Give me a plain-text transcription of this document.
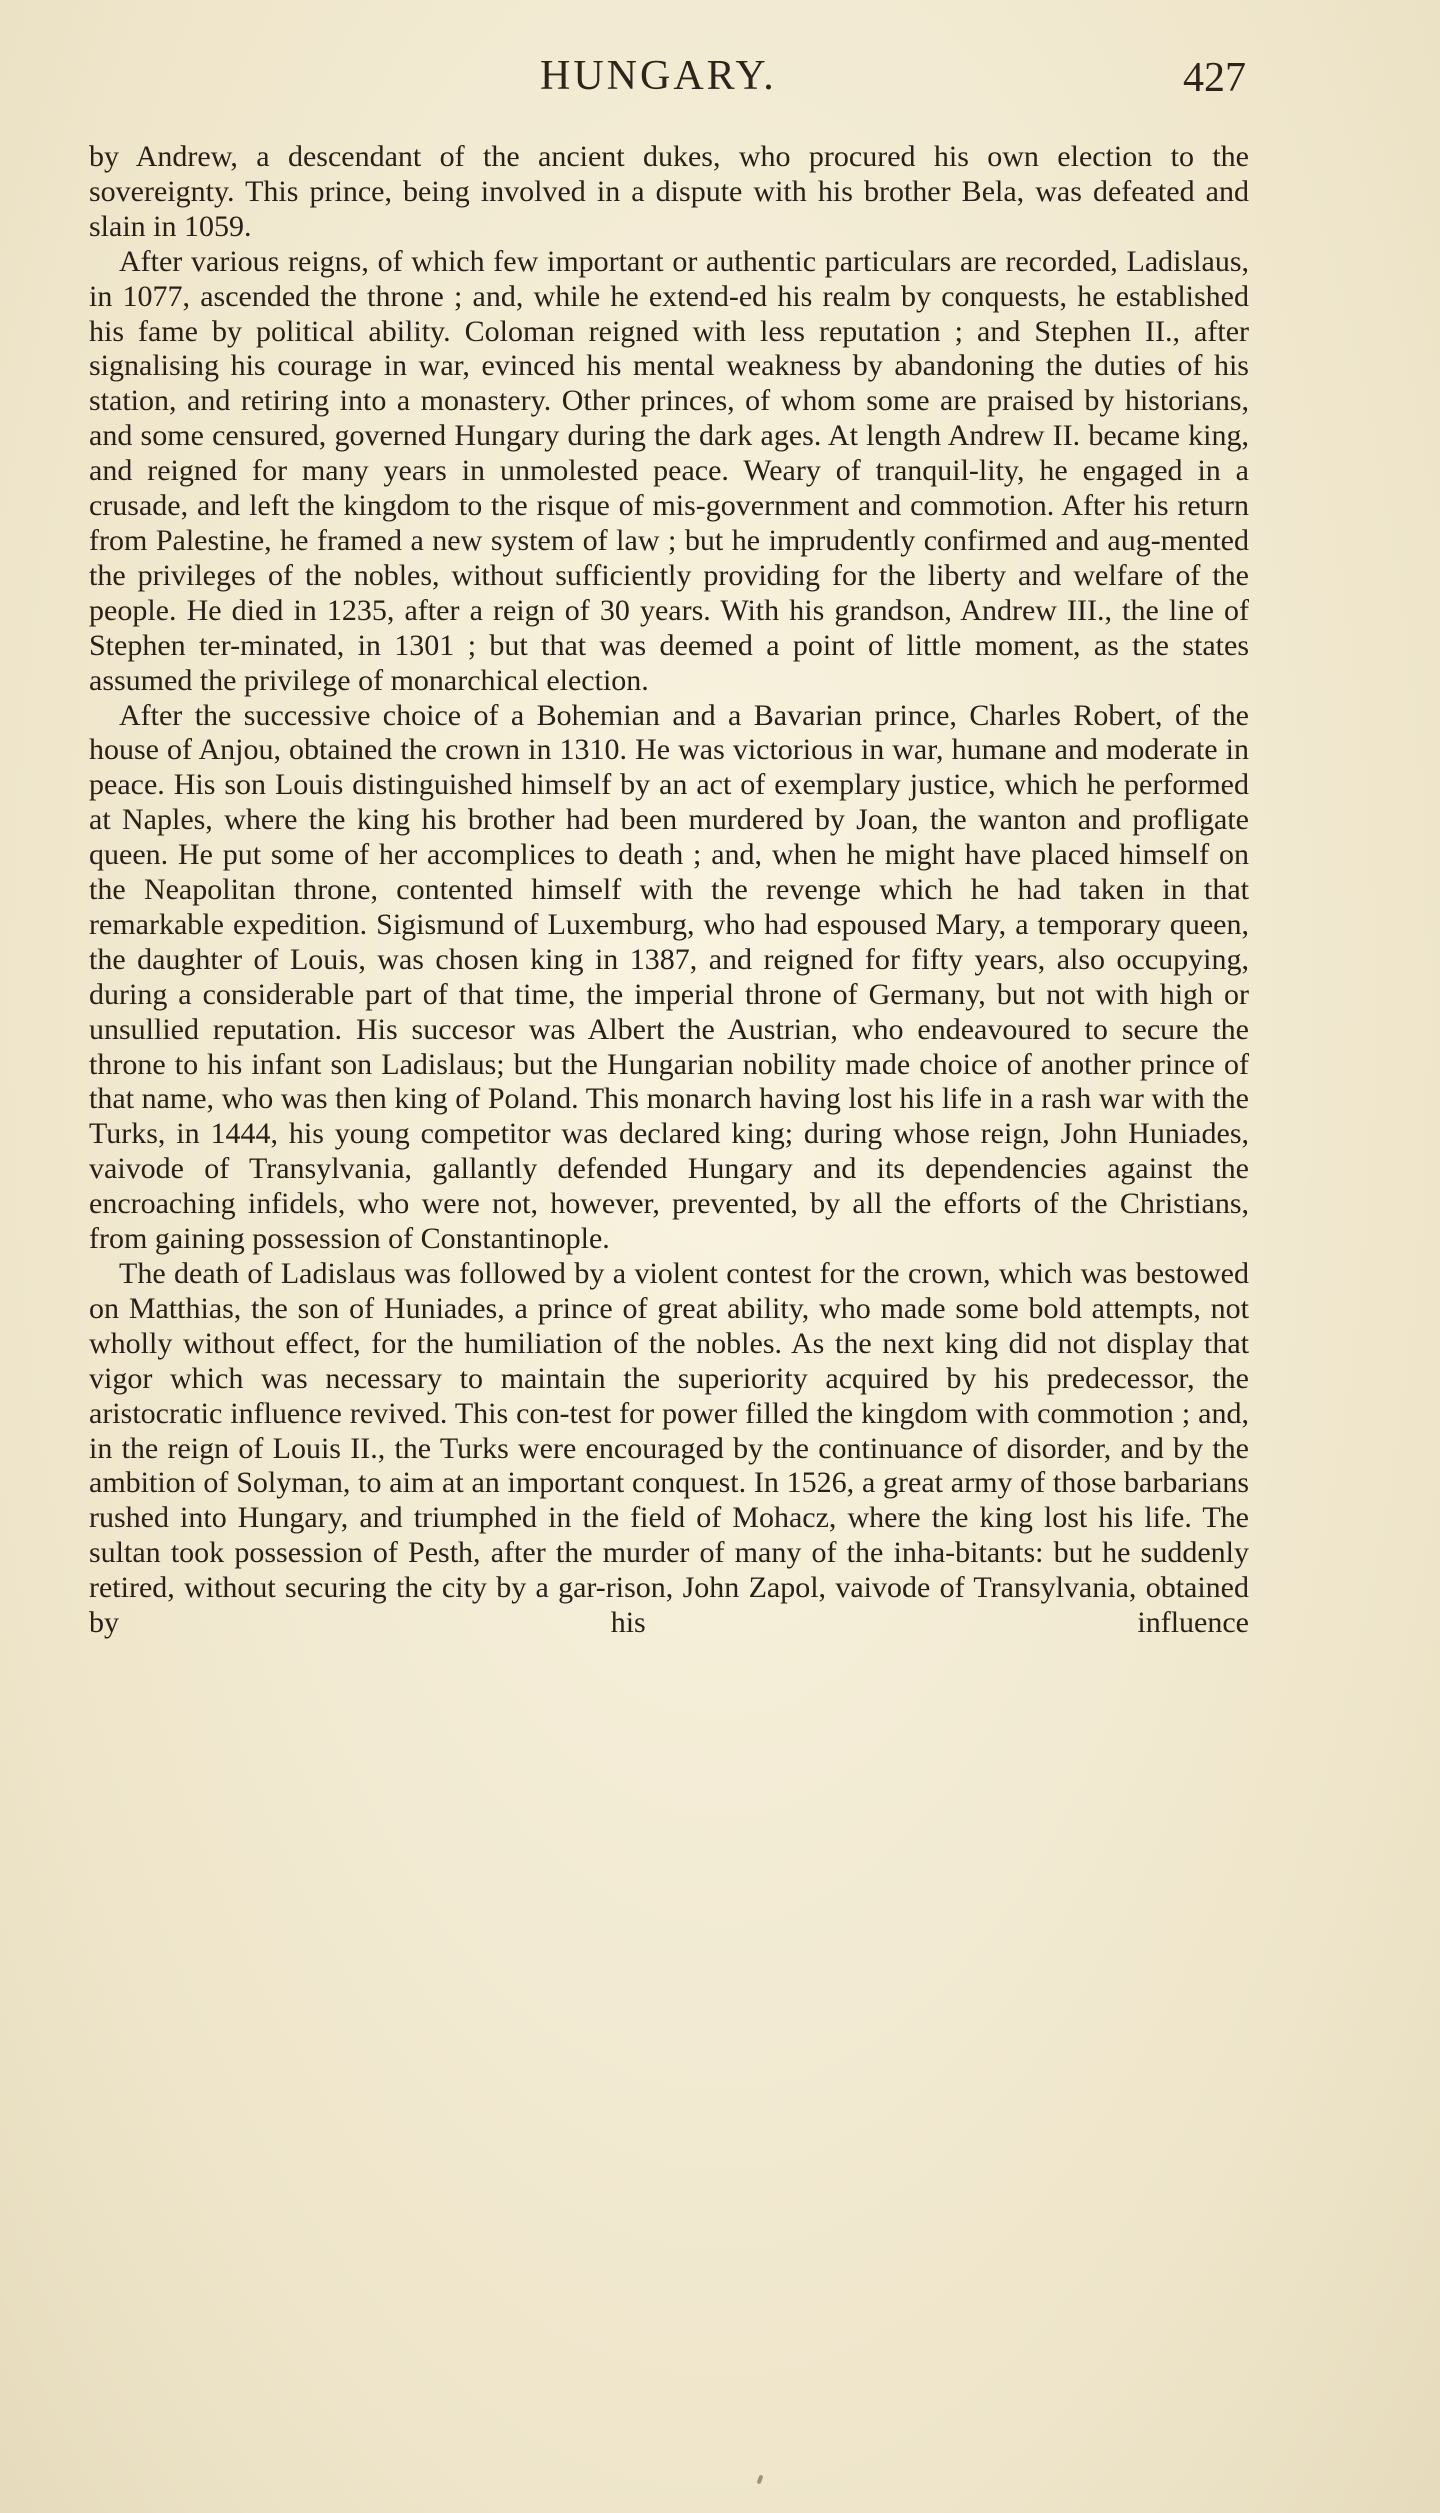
HUNGARY.	427

by Andrew, a descendant of the ancient dukes, who procured his own election to the sovereignty. This prince, being involved in a dispute with his brother Bela, was defeated and slain in 1059.

After various reigns, of which few important or authentic particulars are recorded, Ladislaus, in 1077, ascended the throne ; and, while he extend-ed his realm by conquests, he established his fame by political ability. Coloman reigned with less reputation ; and Stephen II., after signalising his courage in war, evinced his mental weakness by abandoning the duties of his station, and retiring into a monastery. Other princes, of whom some are praised by historians, and some censured, governed Hungary during the dark ages. At length Andrew II. became king, and reigned for many years in unmolested peace. Weary of tranquil-lity, he engaged in a crusade, and left the kingdom to the risque of mis-government and commotion. After his return from Palestine, he framed a new system of law ; but he imprudently confirmed and aug-mented the privileges of the nobles, without sufficiently providing for the liberty and welfare of the people. He died in 1235, after a reign of 30 years. With his grandson, Andrew III., the line of Stephen ter-minated, in 1301 ; but that was deemed a point of little moment, as the states assumed the privilege of monarchical election.

After the successive choice of a Bohemian and a Bavarian prince, Charles Robert, of the house of Anjou, obtained the crown in 1310. He was victorious in war, humane and moderate in peace. His son Louis distinguished himself by an act of exemplary justice, which he performed at Naples, where the king his brother had been murdered by Joan, the wanton and profligate queen. He put some of her accomplices to death ; and, when he might have placed himself on the Neapolitan throne, contented himself with the revenge which he had taken in that remarkable expedition. Sigismund of Luxemburg, who had espoused Mary, a temporary queen, the daughter of Louis, was chosen king in 1387, and reigned for fifty years, also occupying, during a considerable part of that time, the imperial throne of Germany, but not with high or unsullied reputation. His succesor was Albert the Austrian, who endeavoured to secure the throne to his infant son Ladislaus; but the Hungarian nobility made choice of another prince of that name, who was then king of Poland. This monarch having lost his life in a rash war with the Turks, in 1444, his young competitor was declared king; during whose reign, John Huniades, vaivode of Transylvania, gallantly defended Hungary and its dependencies against the encroaching infidels, who were not, however, prevented, by all the efforts of the Christians, from gaining possession of Constantinople.

The death of Ladislaus was followed by a violent contest for the crown, which was bestowed on Matthias, the son of Huniades, a prince of great ability, who made some bold attempts, not wholly without effect, for the humiliation of the nobles. As the next king did not display that vigor which was necessary to maintain the superiority acquired by his predecessor, the aristocratic influence revived. This con-test for power filled the kingdom with commotion ; and, in the reign of Louis II., the Turks were encouraged by the continuance of disorder, and by the ambition of Solyman, to aim at an important conquest. In 1526, a great army of those barbarians rushed into Hungary, and triumphed in the field of Mohacz, where the king lost his life. The sultan took possession of Pesth, after the murder of many of the inha-bitants: but he suddenly retired, without securing the city by a gar-rison, John Zapol, vaivode of Transylvania, obtained by his influence
